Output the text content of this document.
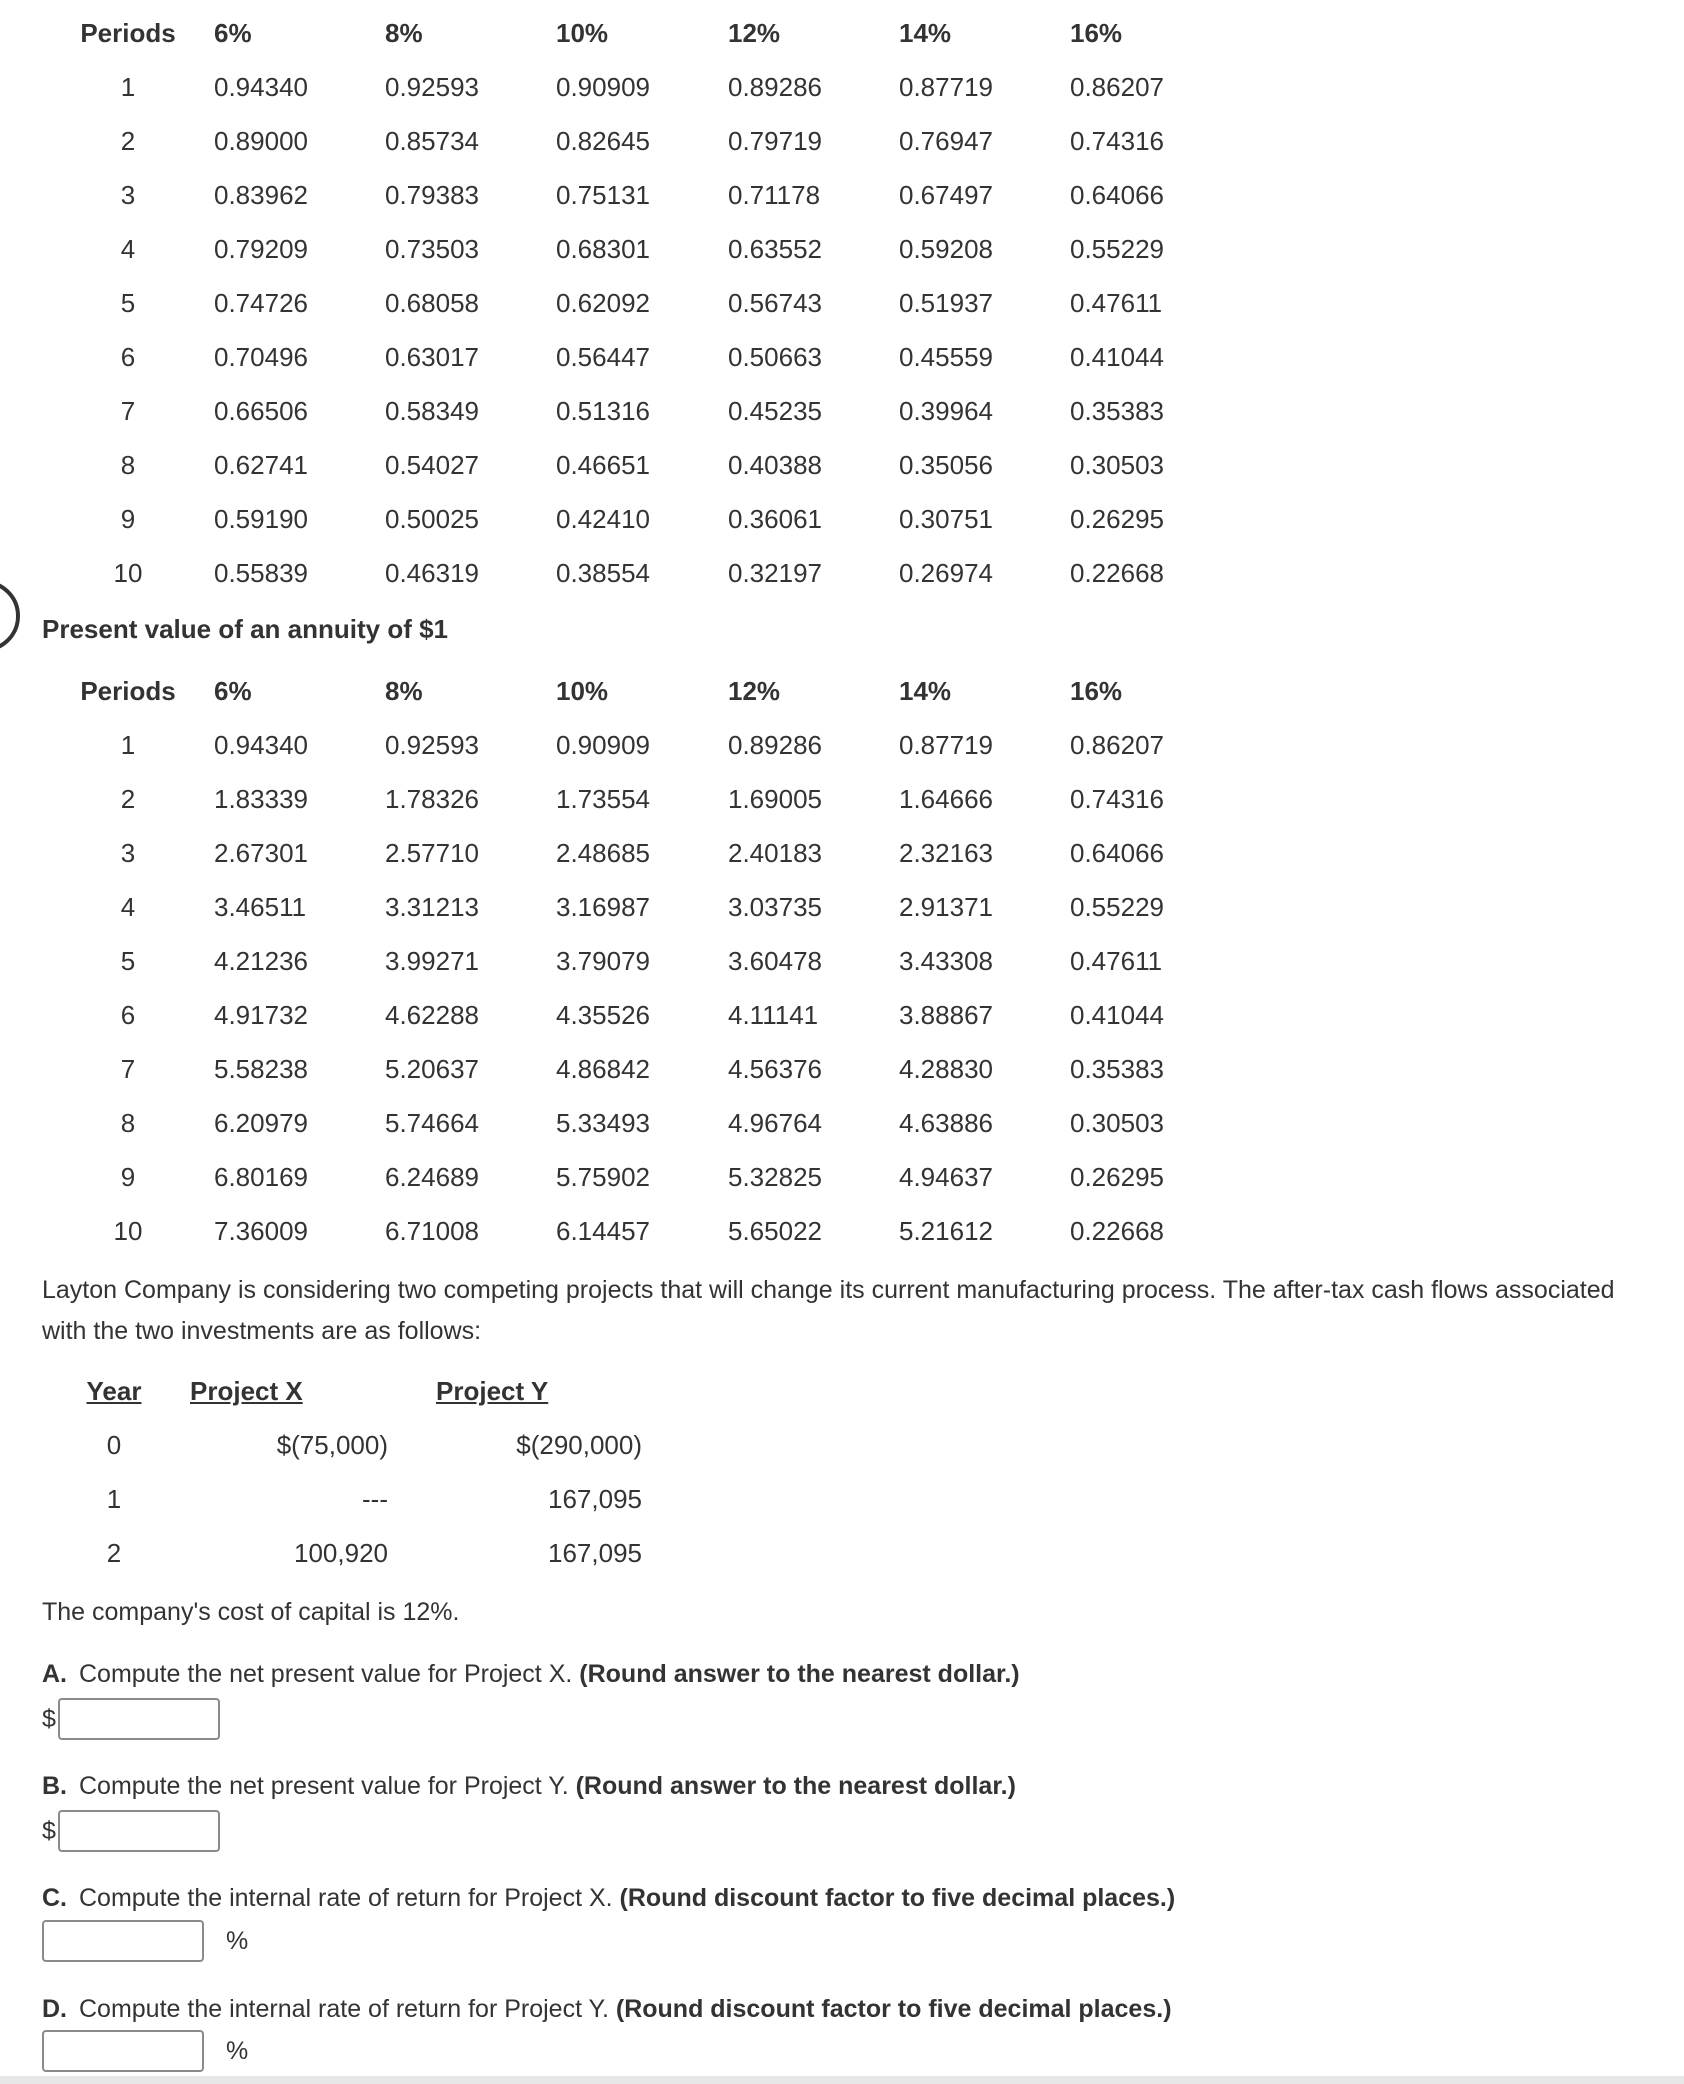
Periods	6%	8%	10%	12%	14%	16%
1	0.94340	0.92593	0.90909	0.89286	0.87719	0.86207
2	0.89000	0.85734	0.82645	0.79719	0.76947	0.74316
3	0.83962	0.79383	0.75131	0.71178	0.67497	0.64066
4	0.79209	0.73503	0.68301	0.63552	0.59208	0.55229
5	0.74726	0.68058	0.62092	0.56743	0.51937	0.47611
6	0.70496	0.63017	0.56447	0.50663	0.45559	0.41044
7	0.66506	0.58349	0.51316	0.45235	0.39964	0.35383
8	0.62741	0.54027	0.46651	0.40388	0.35056	0.30503
9	0.59190	0.50025	0.42410	0.36061	0.30751	0.26295
10	0.55839	0.46319	0.38554	0.32197	0.26974	0.22668
Present value of an annuity of $1
Periods	6%	8%	10%	12%	14%	16%
1	0.94340	0.92593	0.90909	0.89286	0.87719	0.86207
2	1.83339	1.78326	1.73554	1.69005	1.64666	0.74316
3	2.67301	2.57710	2.48685	2.40183	2.32163	0.64066
4	3.46511	3.31213	3.16987	3.03735	2.91371	0.55229
5	4.21236	3.99271	3.79079	3.60478	3.43308	0.47611
6	4.91732	4.62288	4.35526	4.11141	3.88867	0.41044
7	5.58238	5.20637	4.86842	4.56376	4.28830	0.35383
8	6.20979	5.74664	5.33493	4.96764	4.63886	0.30503
9	6.80169	6.24689	5.75902	5.32825	4.94637	0.26295
10	7.36009	6.71008	6.14457	5.65022	5.21612	0.22668

Layton Company is considering two competing projects that will change its current manufacturing process. The after-tax cash flows associated with the two investments are as follows:

Year	Project X	Project Y
0	$(75,000)	$(290,000)
1	---	167,095
2	100,920	167,095

The company's cost of capital is 12%.

A. Compute the net present value for Project X. (Round answer to the nearest dollar.)

$

B. Compute the net present value for Project Y. (Round answer to the nearest dollar.)

$

C. Compute the internal rate of return for Project X. (Round discount factor to five decimal places.)

%

D. Compute the internal rate of return for Project Y. (Round discount factor to five decimal places.)

%
